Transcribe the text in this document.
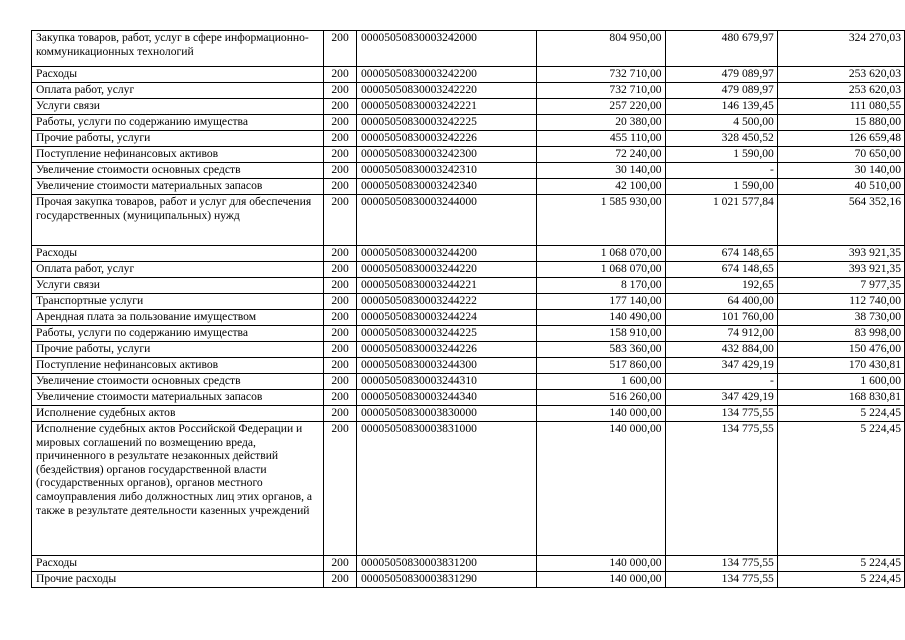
Закупка товаров, работ, услуг в сфере информационно-коммуникационных технологий	200	00005050830003242000	804 950,00	480 679,97	324 270,03
Расходы	200	00005050830003242200	732 710,00	479 089,97	253 620,03
Оплата работ, услуг	200	00005050830003242220	732 710,00	479 089,97	253 620,03
Услуги связи	200	00005050830003242221	257 220,00	146 139,45	111 080,55
Работы, услуги по содержанию имущества	200	00005050830003242225	20 380,00	4 500,00	15 880,00
Прочие работы, услуги	200	00005050830003242226	455 110,00	328 450,52	126 659,48
Поступление нефинансовых активов	200	00005050830003242300	72 240,00	1 590,00	70 650,00
Увеличение стоимости основных средств	200	00005050830003242310	30 140,00	-	30 140,00
Увеличение стоимости материальных запасов	200	00005050830003242340	42 100,00	1 590,00	40 510,00
Прочая закупка товаров, работ и услуг для обеспечения государственных (муниципальных) нужд	200	00005050830003244000	1 585 930,00	1 021 577,84	564 352,16
Расходы	200	00005050830003244200	1 068 070,00	674 148,65	393 921,35
Оплата работ, услуг	200	00005050830003244220	1 068 070,00	674 148,65	393 921,35
Услуги связи	200	00005050830003244221	8 170,00	192,65	7 977,35
Транспортные услуги	200	00005050830003244222	177 140,00	64 400,00	112 740,00
Арендная плата за пользование имуществом	200	00005050830003244224	140 490,00	101 760,00	38 730,00
Работы, услуги по содержанию имущества	200	00005050830003244225	158 910,00	74 912,00	83 998,00
Прочие работы, услуги	200	00005050830003244226	583 360,00	432 884,00	150 476,00
Поступление нефинансовых активов	200	00005050830003244300	517 860,00	347 429,19	170 430,81
Увеличение стоимости основных средств	200	00005050830003244310	1 600,00	-	1 600,00
Увеличение стоимости материальных запасов	200	00005050830003244340	516 260,00	347 429,19	168 830,81
Исполнение судебных актов	200	00005050830003830000	140 000,00	134 775,55	5 224,45
Исполнение судебных актов Российской Федерации и мировых соглашений по возмещению вреда, причиненного в результате незаконных действий (бездействия) органов государственной власти (государственных органов), органов местного самоуправления либо должностных лиц этих органов, а также в результате деятельности казенных учреждений	200	00005050830003831000	140 000,00	134 775,55	5 224,45
Расходы	200	00005050830003831200	140 000,00	134 775,55	5 224,45
Прочие расходы	200	00005050830003831290	140 000,00	134 775,55	5 224,45
